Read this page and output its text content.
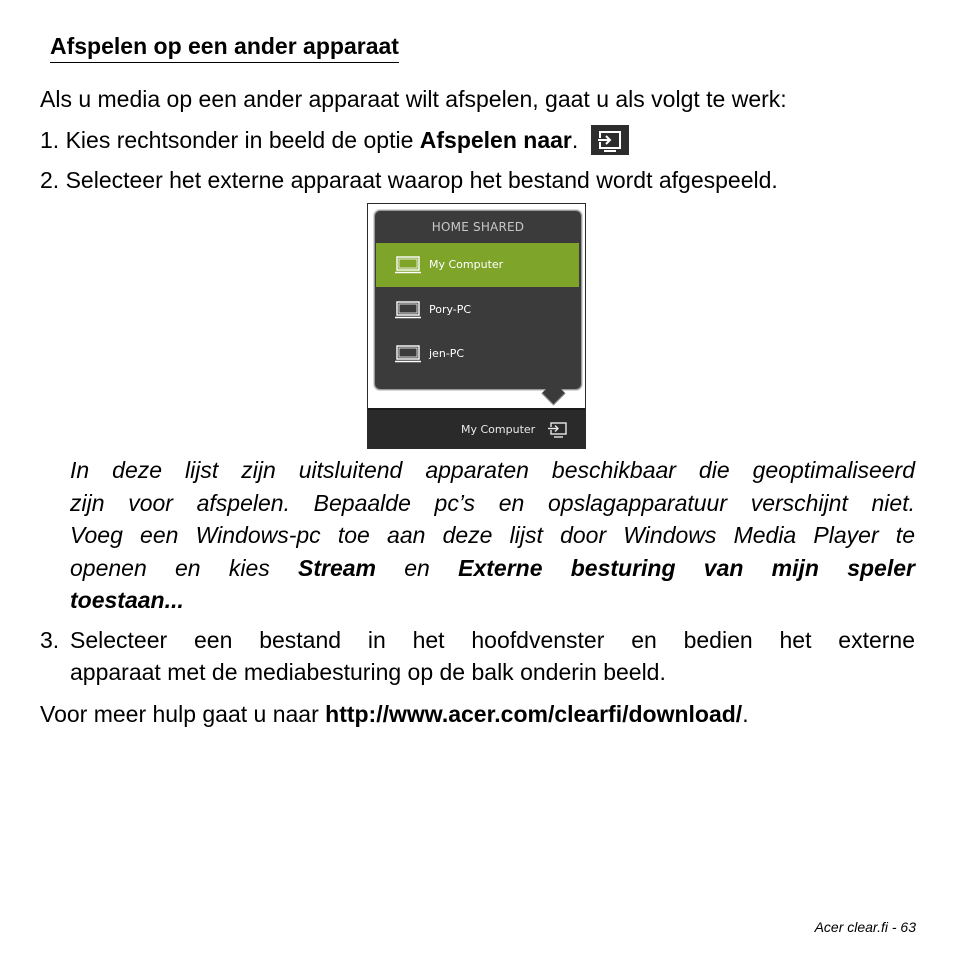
Afspelen op een ander apparaat
Als u media op een ander apparaat wilt afspelen, gaat u als volgt te werk:
1. Kies rechtsonder in beeld de optie Afspelen naar.
2. Selecteer het externe apparaat waarop het bestand wordt afgespeeld.
HOME SHARED
My Computer
Pory-PC
jen-PC
My Computer
In deze lijst zijn uitsluitend apparaten beschikbaar die geoptimaliseerd
zijn voor afspelen. Bepaalde pc’s en opslagapparatuur verschijnt niet.
Voeg een Windows-pc toe aan deze lijst door Windows Media Player te
openen en kies Stream en Externe besturing van mijn speler
toestaan...
3. Selecteer een bestand in het hoofdvenster en bedien het externe
apparaat met de mediabesturing op de balk onderin beeld.
Voor meer hulp gaat u naar http://www.acer.com/clearfi/download/.
Acer clear.fi - 63
